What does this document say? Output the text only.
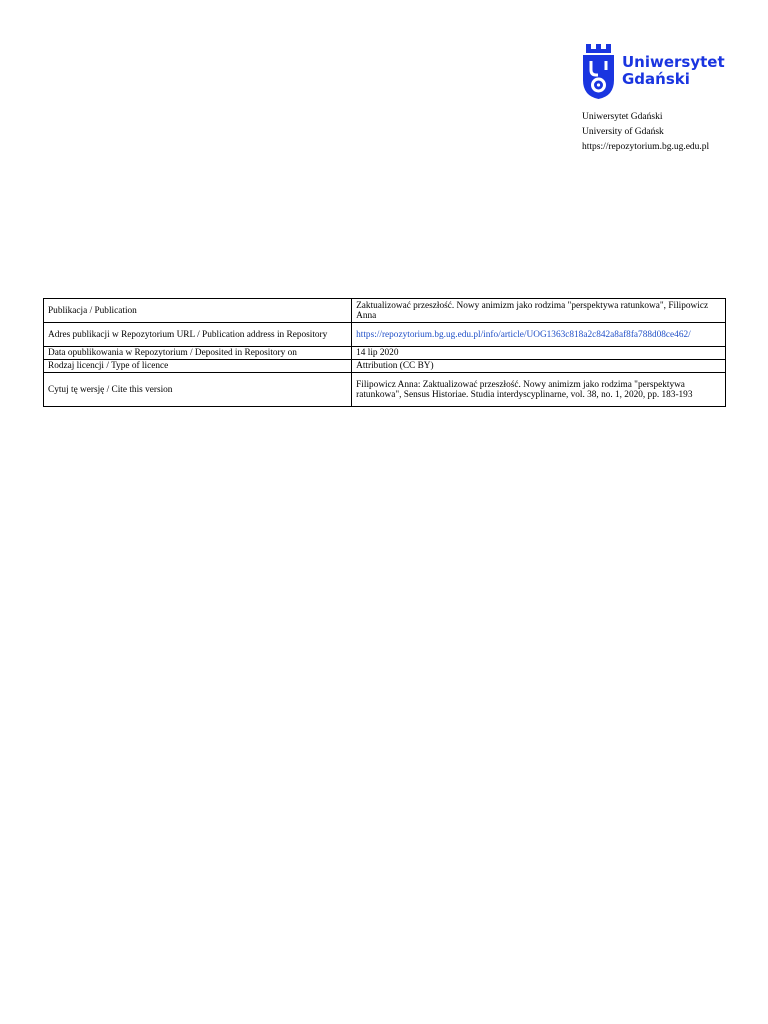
Uniwersytet
Gdański
Uniwersytet Gdański
University of Gdańsk
https://repozytorium.bg.ug.edu.pl
Publikacja / Publication	Zaktualizować przeszłość. Nowy animizm jako rodzima "perspektywa ratunkowa", Filipowicz Anna
Adres publikacji w Repozytorium URL / Publication address in Repository	https://repozytorium.bg.ug.edu.pl/info/article/UOG1363c818a2c842a8af8fa788d08ce462/
Data opublikowania w Repozytorium / Deposited in Repository on	14 lip 2020
Rodzaj licencji / Type of licence	Attribution (CC BY)
Cytuj tę wersję / Cite this version	Filipowicz Anna: Zaktualizować przeszłość. Nowy animizm jako rodzima "perspektywa ratunkowa", Sensus Historiae. Studia interdyscyplinarne, vol. 38, no. 1, 2020, pp. 183-193
